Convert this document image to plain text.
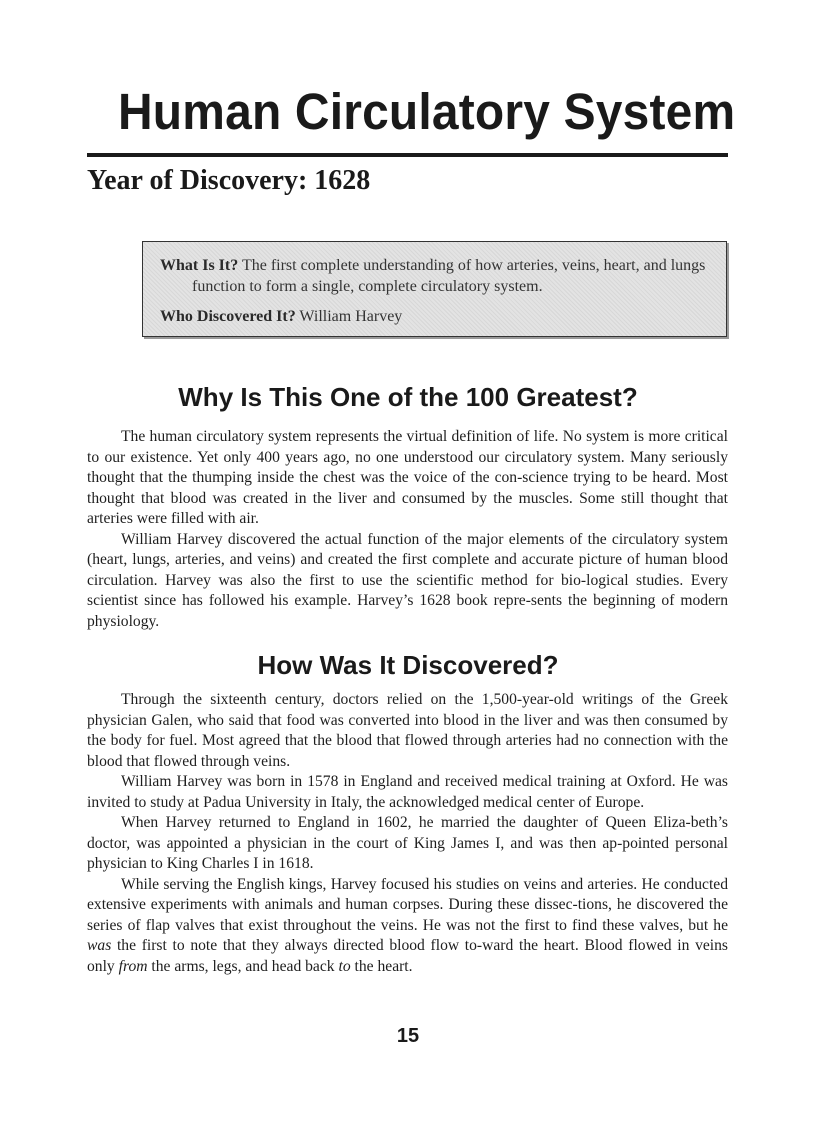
Human Circulatory System
Year of Discovery: 1628

What Is It? The first complete understanding of how arteries, veins, heart, and lungs function to form a single, complete circulatory system.

Who Discovered It? William Harvey

Why Is This One of the 100 Greatest?

The human circulatory system represents the virtual definition of life. No system is more critical to our existence. Yet only 400 years ago, no one understood our circulatory system. Many seriously thought that the thumping inside the chest was the voice of the con-science trying to be heard. Most thought that blood was created in the liver and consumed by the muscles. Some still thought that arteries were filled with air.

William Harvey discovered the actual function of the major elements of the circulatory system (heart, lungs, arteries, and veins) and created the first complete and accurate picture of human blood circulation. Harvey was also the first to use the scientific method for bio-logical studies. Every scientist since has followed his example. Harvey’s 1628 book repre-sents the beginning of modern physiology.

How Was It Discovered?

Through the sixteenth century, doctors relied on the 1,500-year-old writings of the Greek physician Galen, who said that food was converted into blood in the liver and was then consumed by the body for fuel. Most agreed that the blood that flowed through arteries had no connection with the blood that flowed through veins.

William Harvey was born in 1578 in England and received medical training at Oxford. He was invited to study at Padua University in Italy, the acknowledged medical center of Europe.

When Harvey returned to England in 1602, he married the daughter of Queen Eliza-beth’s doctor, was appointed a physician in the court of King James I, and was then ap-pointed personal physician to King Charles I in 1618.

While serving the English kings, Harvey focused his studies on veins and arteries. He conducted extensive experiments with animals and human corpses. During these dissec-tions, he discovered the series of flap valves that exist throughout the veins. He was not the first to find these valves, but he was the first to note that they always directed blood flow to-ward the heart. Blood flowed in veins only from the arms, legs, and head back to the heart.

15
